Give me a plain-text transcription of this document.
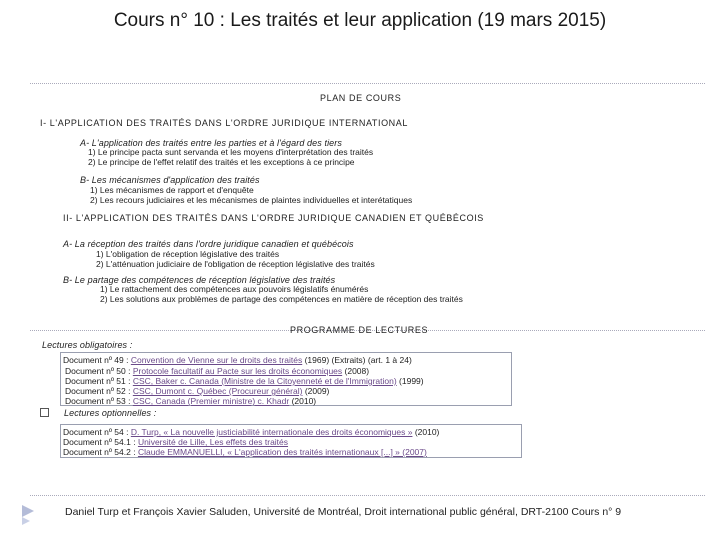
Cours n° 10 : Les traités et leur application (19 mars 2015)
PLAN DE COURS
I- L'APPLICATION DES TRAITÉS DANS L'ORDRE JURIDIQUE INTERNATIONAL
A- L'application des traités entre les parties et à l'égard des tiers
1) Le principe pacta sunt servanda et les moyens d'interprétation des traités
2) Le principe de l'effet relatif des traités et les exceptions à ce principe
B- Les mécanismes d'application des traités
1) Les mécanismes de rapport et d'enquête
2) Les recours judiciaires et les mécanismes de plaintes individuelles et interétatiques
II- L'APPLICATION DES TRAITÉS DANS L'ORDRE JURIDIQUE CANADIEN ET QUÉBÉCOIS
A- La réception des traités dans l'ordre juridique canadien et québécois
1) L'obligation de réception législative des traités
2) L'atténuation judiciaire de l'obligation de réception législative des traités
B- Le partage des compétences de réception législative des traités
1) Le rattachement des compétences aux pouvoirs législatifs énumérés
2) Les solutions aux problèmes de partage des compétences en matière de réception des traités
PROGRAMME DE LECTURES
Lectures obligatoires :
Document nº 49 : Convention de Vienne sur le droits des traités (1969) (Extraits) (art. 1 à 24)
Document nº 50 : Protocole facultatif au Pacte sur les droits économiques (2008)
Document nº 51 : CSC, Baker c. Canada (Ministre de la Citoyenneté et de l'Immigration) (1999)
Document nº 52 : CSC, Dumont c. Québec (Procureur général) (2009)
Document nº 53 : CSC, Canada (Premier ministre) c. Khadr (2010)
Lectures optionnelles :
Document nº 54 : D. Turp, « La nouvelle justiciabilité internationale des droits économiques » (2010)
Document nº 54.1 : Université de Lille, Les effets des traités
Document nº 54.2 : Claude EMMANUELLI, « L'application des traités internationaux [...] » (2007)
Daniel Turp et François Xavier Saluden, Université de Montréal, Droit international public général, DRT-2100 Cours n° 9
